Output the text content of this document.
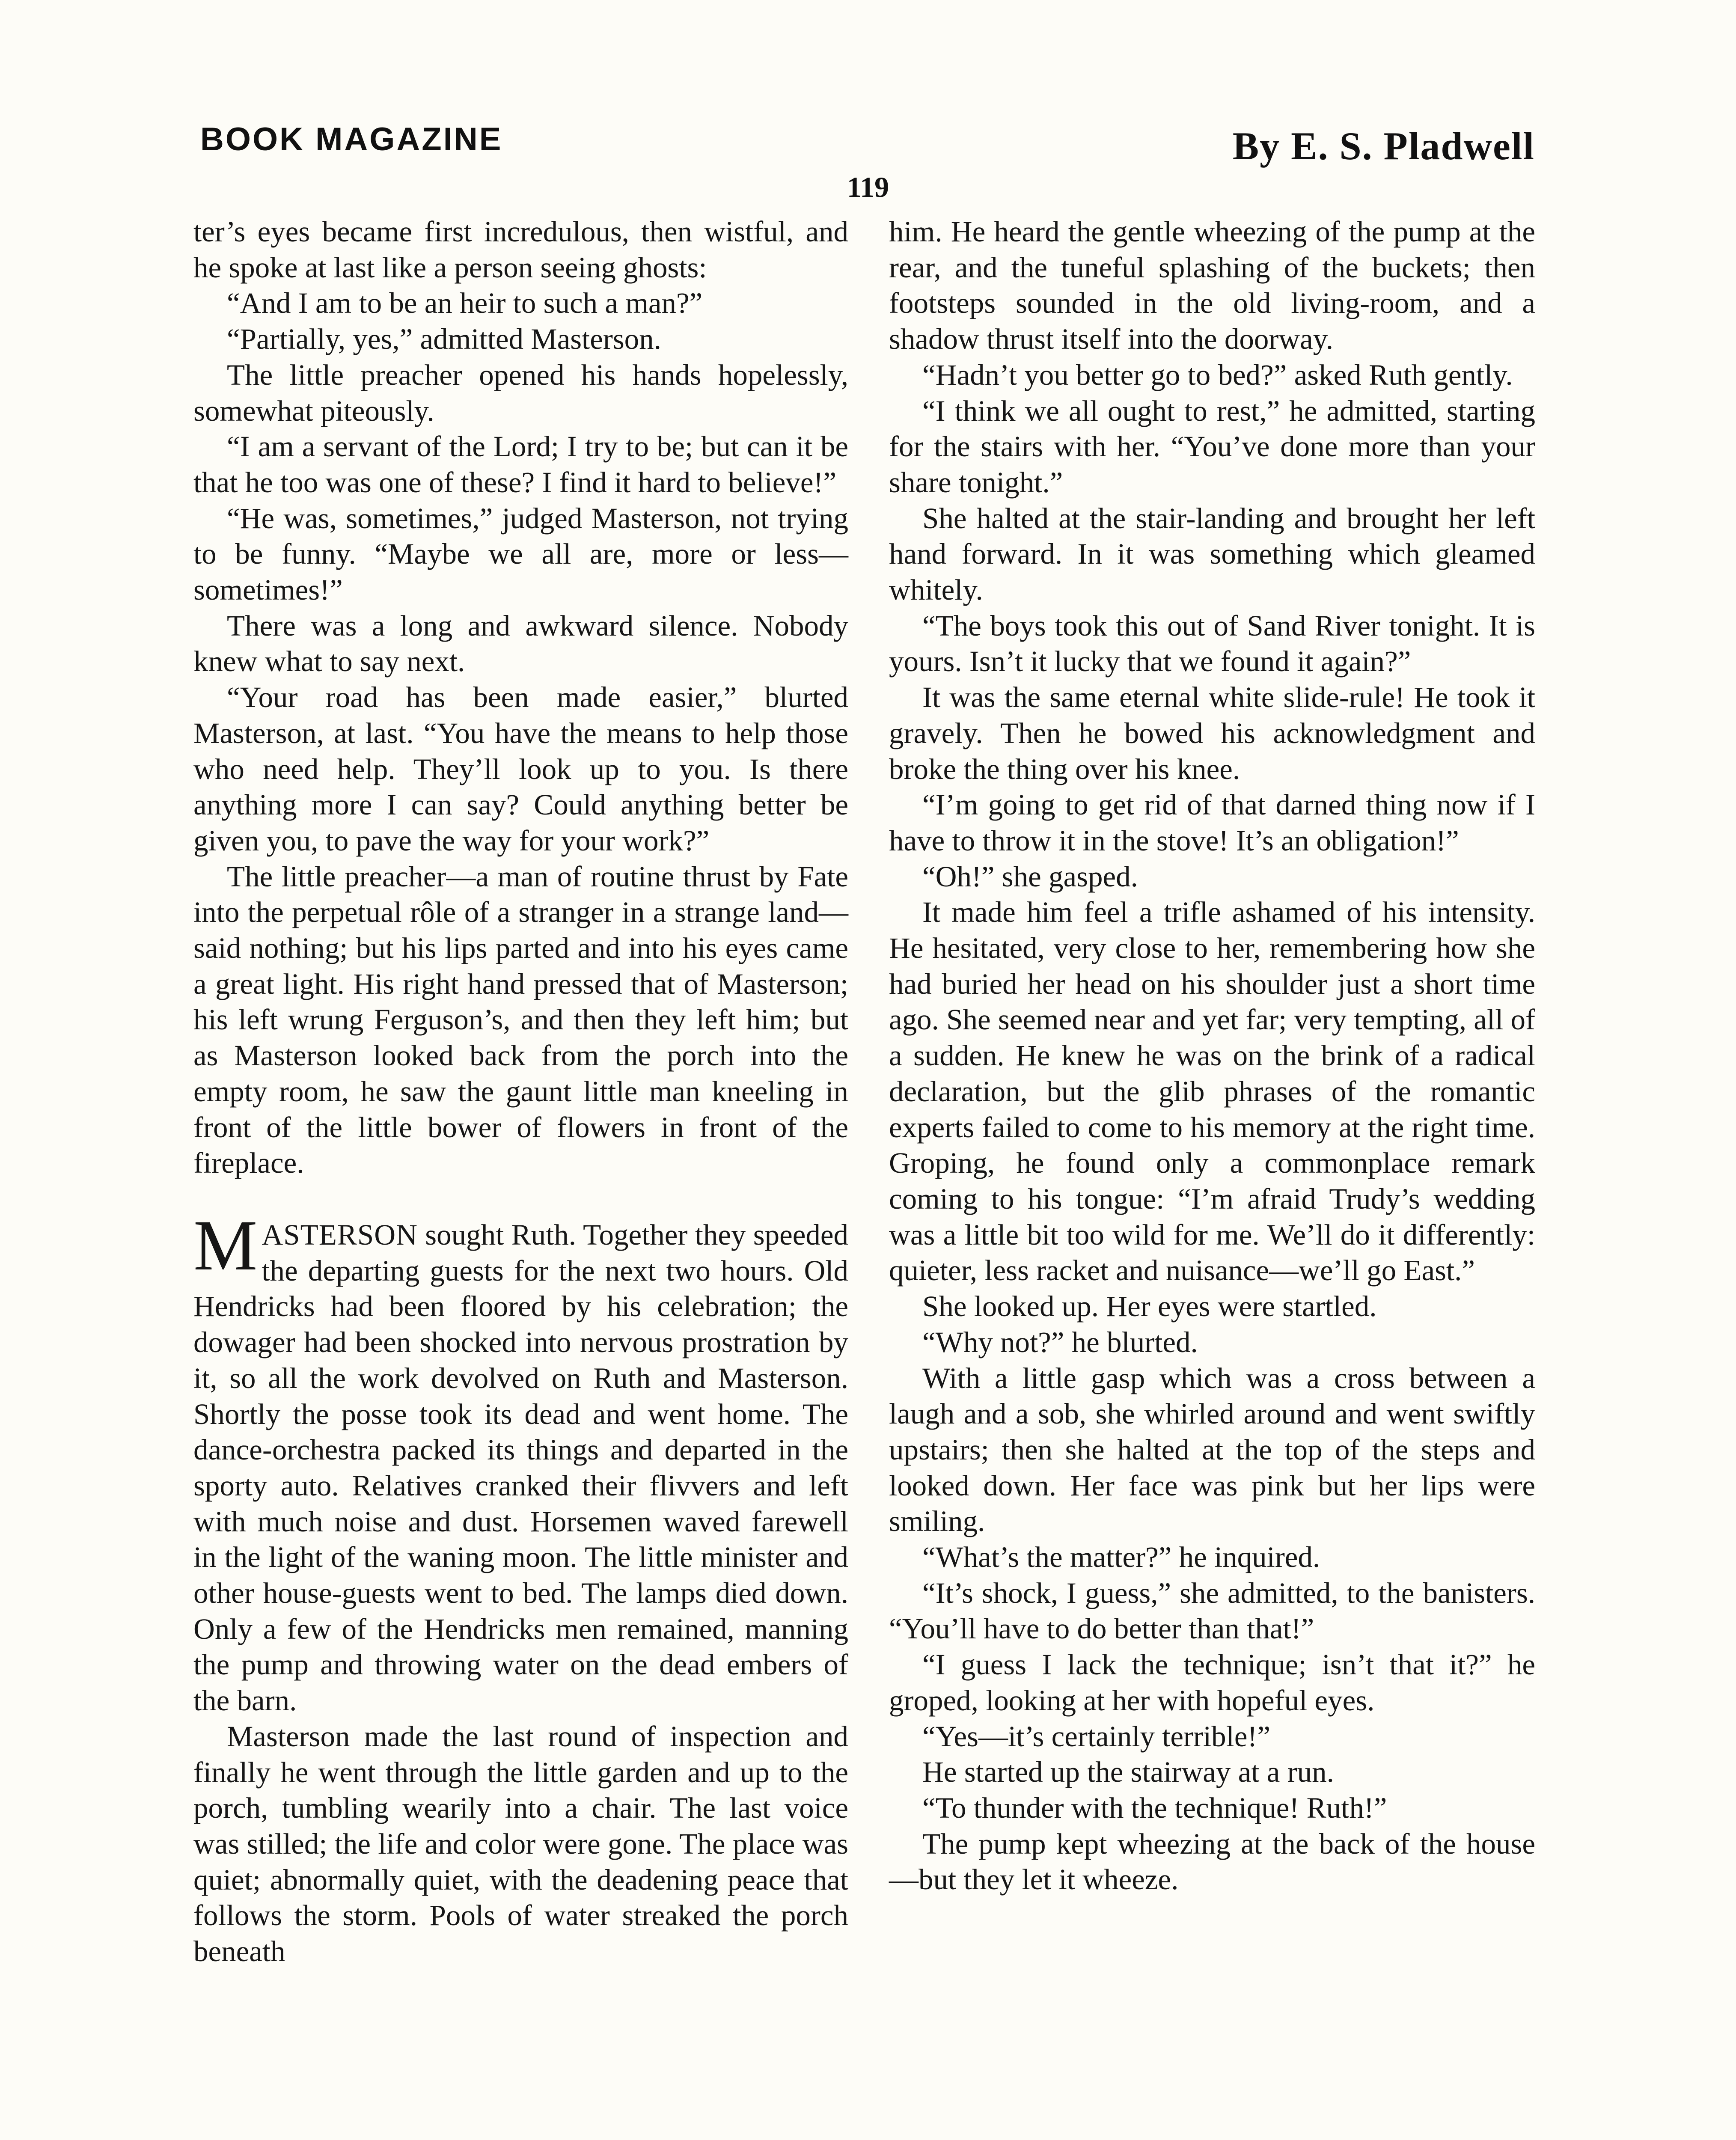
BOOK MAGAZINE	By E. S. Pladwell
119

ter’s eyes became first incredulous, then wistful, and he spoke at last like a person seeing ghosts:

“And I am to be an heir to such a man?”

“Partially, yes,” admitted Masterson.

The little preacher opened his hands hopelessly, somewhat piteously.

“I am a servant of the Lord; I try to be; but can it be that he too was one of these? I find it hard to believe!”

“He was, sometimes,” judged Masterson, not trying to be funny. “Maybe we all are, more or less—sometimes!”

There was a long and awkward silence. Nobody knew what to say next.

“Your road has been made easier,” blurted Masterson, at last. “You have the means to help those who need help. They’ll look up to you. Is there anything more I can say? Could anything better be given you, to pave the way for your work?”

The little preacher—a man of routine thrust by Fate into the perpetual rôle of a stranger in a strange land—said nothing; but his lips parted and into his eyes came a great light. His right hand pressed that of Masterson; his left wrung Ferguson’s, and then they left him; but as Masterson looked back from the porch into the empty room, he saw the gaunt little man kneeling in front of the little bower of flowers in front of the fireplace.

MASTERSON sought Ruth. Together they speeded the departing guests for the next two hours. Old Hendricks had been floored by his celebration; the dowager had been shocked into nervous prostration by it, so all the work devolved on Ruth and Masterson. Shortly the posse took its dead and went home. The dance-orchestra packed its things and departed in the sporty auto. Relatives cranked their flivvers and left with much noise and dust. Horsemen waved farewell in the light of the waning moon. The little minister and other house-guests went to bed. The lamps died down. Only a few of the Hendricks men remained, manning the pump and throwing water on the dead embers of the barn.

Masterson made the last round of inspection and finally he went through the little garden and up to the porch, tumbling wearily into a chair. The last voice was stilled; the life and color were gone. The place was quiet; abnormally quiet, with the deadening peace that follows the storm. Pools of water streaked the porch beneath

him. He heard the gentle wheezing of the pump at the rear, and the tuneful splashing of the buckets; then footsteps sounded in the old living-room, and a shadow thrust itself into the doorway.

“Hadn’t you better go to bed?” asked Ruth gently.

“I think we all ought to rest,” he admitted, starting for the stairs with her. “You’ve done more than your share tonight.”

She halted at the stair-landing and brought her left hand forward. In it was something which gleamed whitely.

“The boys took this out of Sand River tonight. It is yours. Isn’t it lucky that we found it again?”

It was the same eternal white slide-rule! He took it gravely. Then he bowed his acknowledgment and broke the thing over his knee.

“I’m going to get rid of that darned thing now if I have to throw it in the stove! It’s an obligation!”

“Oh!” she gasped.

It made him feel a trifle ashamed of his intensity. He hesitated, very close to her, remembering how she had buried her head on his shoulder just a short time ago. She seemed near and yet far; very tempting, all of a sudden. He knew he was on the brink of a radical declaration, but the glib phrases of the romantic experts failed to come to his memory at the right time. Groping, he found only a commonplace remark coming to his tongue: “I’m afraid Trudy’s wedding was a little bit too wild for me. We’ll do it differently: quieter, less racket and nuisance—we’ll go East.”

She looked up. Her eyes were startled.

“Why not?” he blurted.

With a little gasp which was a cross between a laugh and a sob, she whirled around and went swiftly upstairs; then she halted at the top of the steps and looked down. Her face was pink but her lips were smiling.

“What’s the matter?” he inquired.

“It’s shock, I guess,” she admitted, to the banisters. “You’ll have to do better than that!”

“I guess I lack the technique; isn’t that it?” he groped, looking at her with hopeful eyes.

“Yes—it’s certainly terrible!”

He started up the stairway at a run.

“To thunder with the technique! Ruth!”

The pump kept wheezing at the back of the house—but they let it wheeze.
